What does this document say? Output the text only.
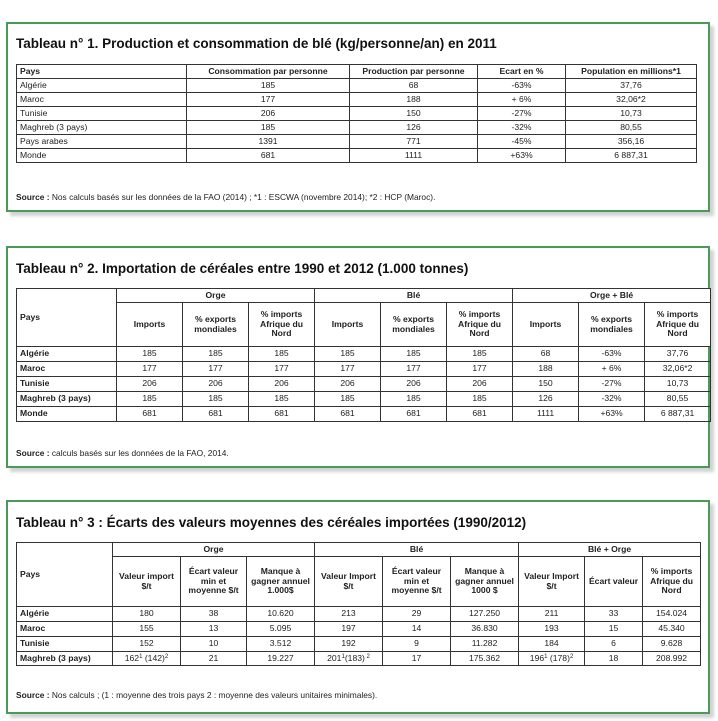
Tableau n° 1. Production et consommation de blé (kg/personne/an) en 2011
Pays	Consommation par personne	Production par personne	Ecart en %	Population en millions*1
Algérie	185	68	-63%	37,76
Maroc	177	188	+ 6%	32,06*2
Tunisie	206	150	-27%	10,73
Maghreb (3 pays)	185	126	-32%	80,55
Pays arabes	1391	771	-45%	356,16
Monde	681	1111	+63%	6 887,31
Source : Nos calculs basés sur les données de la FAO (2014) ; *1 : ESCWA (novembre 2014); *2 : HCP (Maroc).
Tableau n° 2. Importation de céréales entre 1990 et 2012 (1.000 tonnes)
Pays	Orge			Blé			Orge + Blé		
	Imports	% exports mondiales	% imports Afrique du Nord	Imports	% exports mondiales	% imports Afrique du Nord	Imports	% exports mondiales	% imports Afrique du Nord
Algérie	185	185	185	185	185	185	68	-63%	37,76
Maroc	177	177	177	177	177	177	188	+ 6%	32,06*2
Tunisie	206	206	206	206	206	206	150	-27%	10,73
Maghreb (3 pays)	185	185	185	185	185	185	126	-32%	80,55
Monde	681	681	681	681	681	681	1111	+63%	6 887,31
Source : calculs basés sur les données de la FAO, 2014.
Tableau n° 3 : Écarts des valeurs moyennes des céréales importées (1990/2012)
Pays	Orge			Blé			Blé + Orge		
	Valeur import $/t	Écart valeur min et moyenne $/t	Manque à gagner annuel 1.000$	Valeur Import $/t	Écart valeur min et moyenne $/t	Manque à gagner annuel 1000 $	Valeur Import $/t	Écart valeur	% imports Afrique du Nord
Algérie	180	38	10.620	213	29	127.250	211	33	154.024
Maroc	155	13	5.095	197	14	36.830	193	15	45.340
Tunisie	152	10	3.512	192	9	11.282	184	6	9.628
Maghreb (3 pays)	$162^1$ $(142)^2$	21	19.227	$201^1(183)$ $^2$	17	175.362	$196^1$ $(178)^2$	18	208.992
Source : Nos calculs ; (1 : moyenne des trois pays 2 : moyenne des valeurs unitaires minimales).
